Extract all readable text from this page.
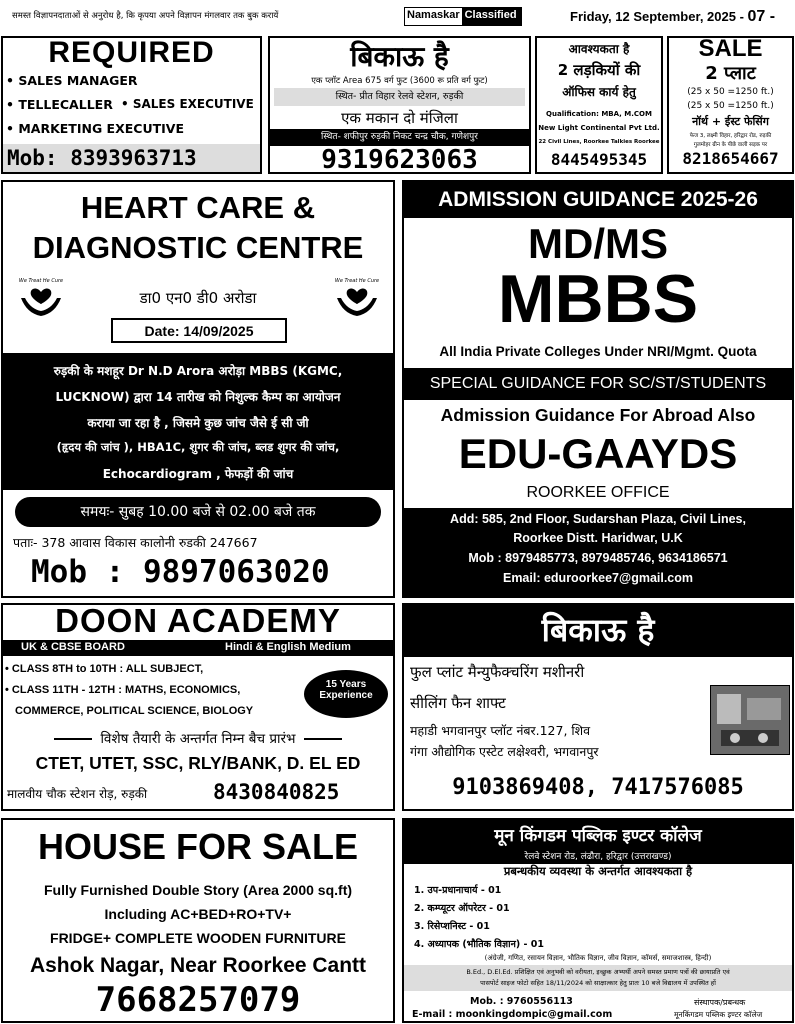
समस्त विज्ञापनदाताओं से अनुरोध है, कि कृपया अपने विज्ञापन मंगलवार तक बुक करायें	Namaskar Classified	Friday, 12 September, 2025 - 07 -
REQUIRED
• SALES MANAGER
• TELLECALLER • SALES EXECUTIVE
• MARKETING EXECUTIVE
Mob: 8393963713
बिकाऊ है
एक प्लॉट Area 675 वर्ग फुट (3600 रू प्रति वर्ग फुट)
स्थित- प्रीत विहार रेलवे स्टेशन, रुड़की
एक मकान दो मंजिला
स्थित- शफीपुर रुड़की निकट चन्द्र चौक, गणेशपुर
9319623063
आवश्यकता है
2 लड़कियों की
ऑफिस कार्य हेतु
Qualification: MBA, M.COM
New Light Continental Pvt Ltd.
22 Civil Lines, Roorkee Talkies Roorkee
8445495345
SALE
2 प्लाट
(25 x 50 =1250 ft.)
(25 x 50 =1250 ft.)
नॉर्थ + ईस्ट फेसिंग
फेज 3, लक्ष्मी विहार, हरिद्वार रोड, रुड़की
गुलमोहर ग्रीन के पीछे वाली सड़क पर
8218654667
HEART CARE &
DIAGNOSTIC CENTRE
We Treat He Cure	We Treat He Cure
डा0 एन0 डी0 अरोडा
Date: 14/09/2025
रुड़की के मशहूर Dr N.D Arora अरोड़ा MBBS (KGMC,
LUCKNOW) द्वारा 14 तारीख को निशुल्क कैम्प का आयोजन
कराया जा रहा है , जिसमे कुछ जांच जैसे ई सी जी
(हृदय की जांच ), HBA1C, शुगर की जांच, ब्लड शुगर की जांच,
Echocardiogram , फेफड़ों की जांच
समयः- सुबह 10.00 बजे से 02.00 बजे तक
पताः- 378 आवास विकास कालोनी रुडकी 247667
Mob : 9897063020
ADMISSION GUIDANCE 2025-26
MD/MS
MBBS
All India Private Colleges Under NRI/Mgmt. Quota
SPECIAL GUIDANCE FOR SC/ST/STUDENTS
Admission Guidance For Abroad Also
EDU-GAAYDS
ROORKEE OFFICE
Add: 585, 2nd Floor, Sudarshan Plaza, Civil Lines,
Roorkee Distt. Haridwar, U.K
Mob : 8979485773, 8979485746, 9634186571
Email: eduroorkee7@gmail.com
DOON ACADEMY
UK & CBSE BOARD	Hindi & English Medium
• CLASS 8TH to 10TH : ALL SUBJECT,
• CLASS 11TH - 12TH : MATHS, ECONOMICS,
COMMERCE, POLITICAL SCIENCE, BIOLOGY
15 Years
Experience
विशेष तैयारी के अन्तर्गत निम्न बैच प्रारंभ
CTET, UTET, SSC, RLY/BANK, D. EL ED
मालवीय चौक स्टेशन रोड़, रुड़की	8430840825
बिकाऊ है
फुल प्लांट मैन्युफैक्चरिंग मशीनरी
सीलिंग फैन शाफ्ट
महाडी भगवानपुर प्लॉट नंबर.127, शिव
गंगा औद्योगिक एस्टेट लक्षेश्वरी, भगवानपुर
9103869408, 7417576085
HOUSE FOR SALE
Fully Furnished Double Story (Area 2000 sq.ft)
Including AC+BED+RO+TV+
FRIDGE+ COMPLETE WOODEN FURNITURE
Ashok Nagar, Near Roorkee Cantt
7668257079
मून किंगडम पब्लिक इण्टर कॉलेज
रेलवे स्टेशन रोड, लंढौरा, हरिद्वार (उत्तराखण्ड)
प्रबन्धकीय व्यवस्था के अन्तर्गत आवश्यकता है
1. उप-प्रधानाचार्य - 01
2. कम्प्यूटर ऑपरेटर - 01
3. रिसेप्शनिस्ट - 01
4. अध्यापक (भौतिक विज्ञान) - 01
(अंग्रेजी, गणित, रसायन विज्ञान, भौतिक विज्ञान, जीव विज्ञान, कॉमर्स, समाजशास्त्र, हिन्दी)
B.Ed., D.El.Ed. प्रशिक्षित एवं अनुभवी को वरीयता, इच्छुक अभ्यर्थी अपने समस्त प्रमाण पत्रों की छायाप्रति एवं
पासपोर्ट साइज फोटो सहित 18/11/2024 को साक्षात्कार हेतु प्रातः 10 बजे विद्यालय में उपस्थित हों
Mob. : 9760556113
E-mail : moonkingdompic@gmail.com
संस्थापक/प्रबन्धक
मूनकिंगडम पब्लिक इण्टर कॉलेज
